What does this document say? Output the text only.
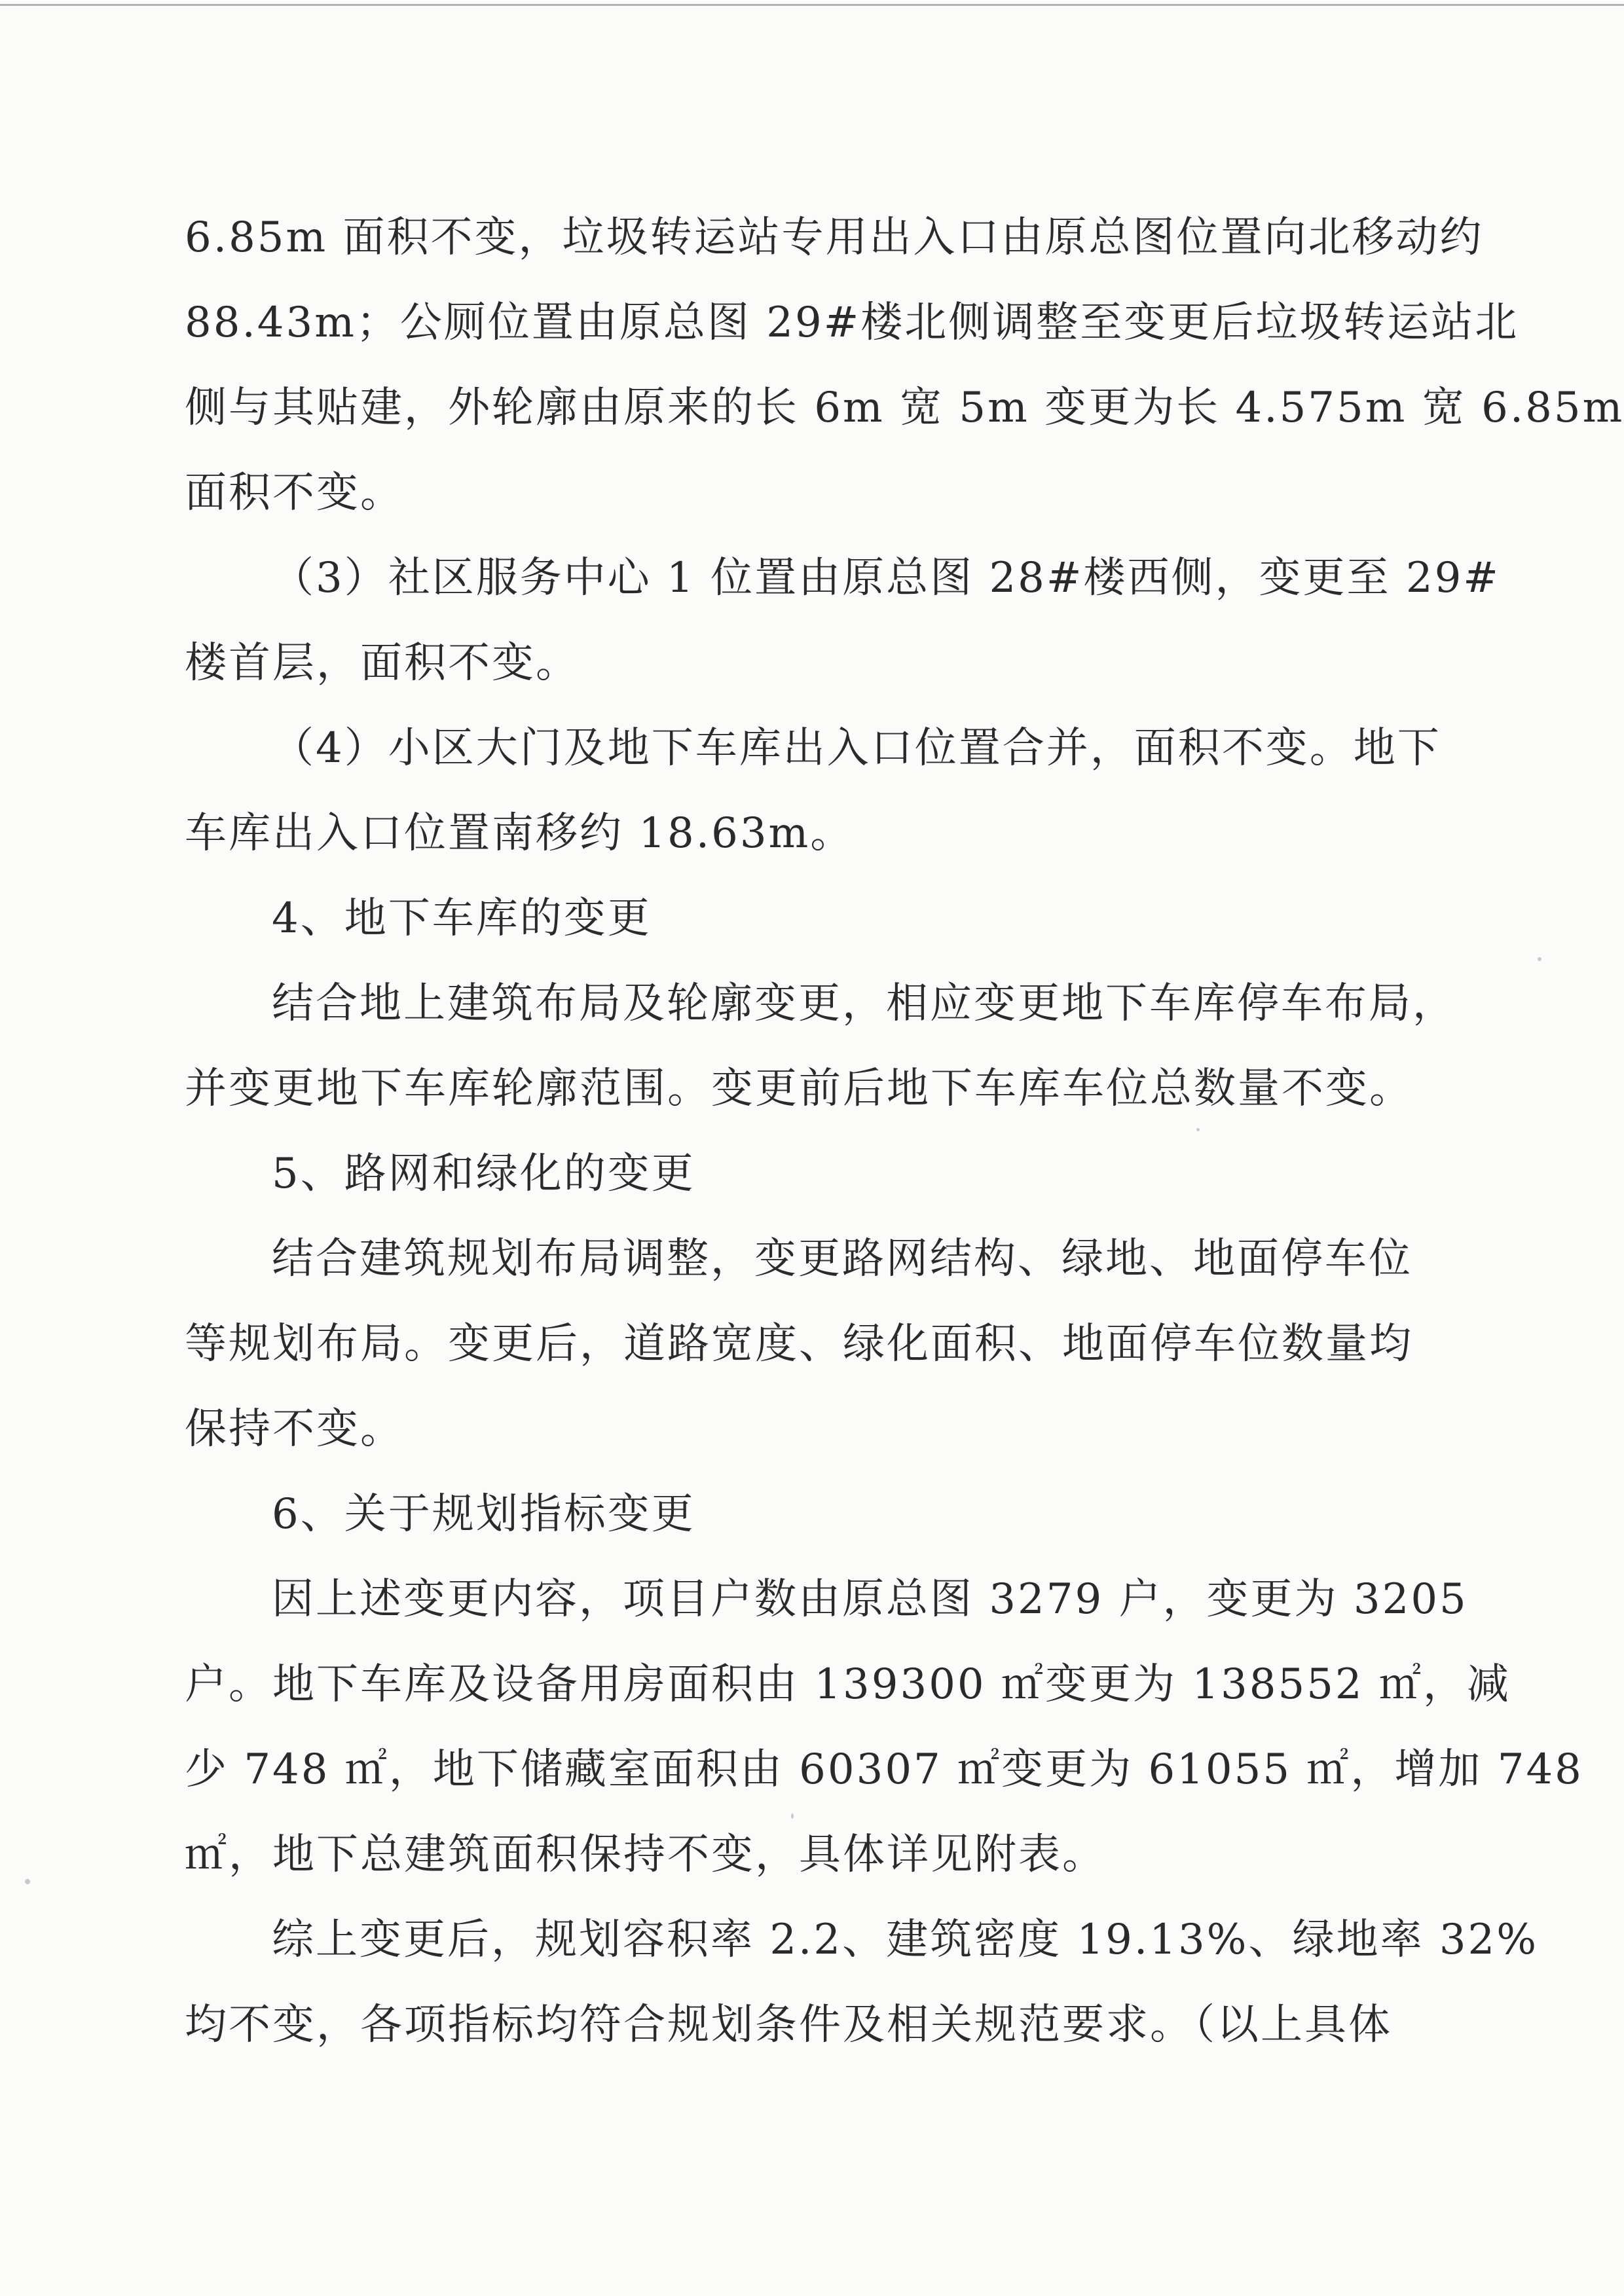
6.85m 面积不变，垃圾转运站专用出入口由原总图位置向北移动约
88.43m；公厕位置由原总图 29#楼北侧调整至变更后垃圾转运站北
侧与其贴建，外轮廓由原来的长 6m 宽 5m 变更为长 4.575m 宽 6.85m
面积不变。
（3）社区服务中心 1 位置由原总图 28#楼西侧，变更至 29#
楼首层，面积不变。
（4）小区大门及地下车库出入口位置合并，面积不变。地下
车库出入口位置南移约 18.63m。
4、地下车库的变更
结合地上建筑布局及轮廓变更，相应变更地下车库停车布局，
并变更地下车库轮廓范围。变更前后地下车库车位总数量不变。
5、路网和绿化的变更
结合建筑规划布局调整，变更路网结构、绿地、地面停车位
等规划布局。变更后，道路宽度、绿化面积、地面停车位数量均
保持不变。
6、关于规划指标变更
因上述变更内容，项目户数由原总图 3279 户，变更为 3205
户。地下车库及设备用房面积由 139300 ㎡变更为 138552 ㎡，减
少 748 ㎡，地下储藏室面积由 60307 ㎡变更为 61055 ㎡，增加 748
㎡，地下总建筑面积保持不变，具体详见附表。
综上变更后，规划容积率 2.2、建筑密度 19.13%、绿地率 32%
均不变，各项指标均符合规划条件及相关规范要求。（以上具体
